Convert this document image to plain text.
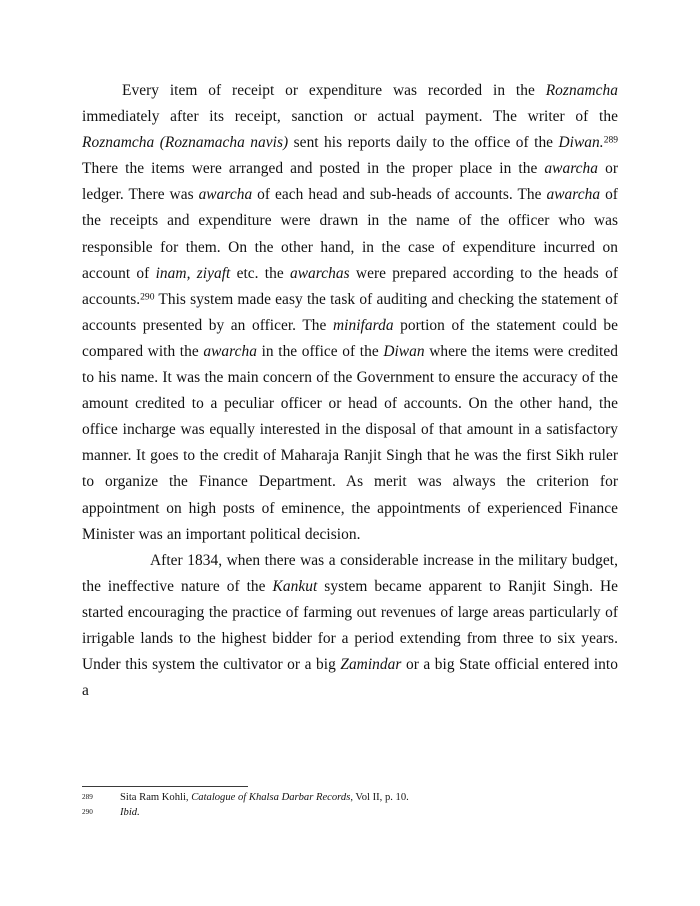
Every item of receipt or expenditure was recorded in the Roznamcha immediately after its receipt, sanction or actual payment. The writer of the Roznamcha (Roznamacha navis) sent his reports daily to the office of the Diwan.$^{289}$ There the items were arranged and posted in the proper place in the awarcha or ledger. There was awarcha of each head and sub-heads of accounts. The awarcha of the receipts and expenditure were drawn in the name of the officer who was responsible for them. On the other hand, in the case of expenditure incurred on account of inam, ziyaft etc. the awarchas were prepared according to the heads of accounts.$^{290}$ This system made easy the task of auditing and checking the statement of accounts presented by an officer. The minifarda portion of the statement could be compared with the awarcha in the office of the Diwan where the items were credited to his name. It was the main concern of the Government to ensure the accuracy of the amount credited to a peculiar officer or head of accounts. On the other hand, the office incharge was equally interested in the disposal of that amount in a satisfactory manner. It goes to the credit of Maharaja Ranjit Singh that he was the first Sikh ruler to organize the Finance Department. As merit was always the criterion for appointment on high posts of eminence, the appointments of experienced Finance Minister was an important political decision.

After 1834, when there was a considerable increase in the military budget, the ineffective nature of the Kankut system became apparent to Ranjit Singh. He started encouraging the practice of farming out revenues of large areas particularly of irrigable lands to the highest bidder for a period extending from three to six years. Under this system the cultivator or a big Zamindar or a big State official entered into a

289	Sita Ram Kohli, Catalogue of Khalsa Darbar Records, Vol II, p. 10.
290	Ibid.
